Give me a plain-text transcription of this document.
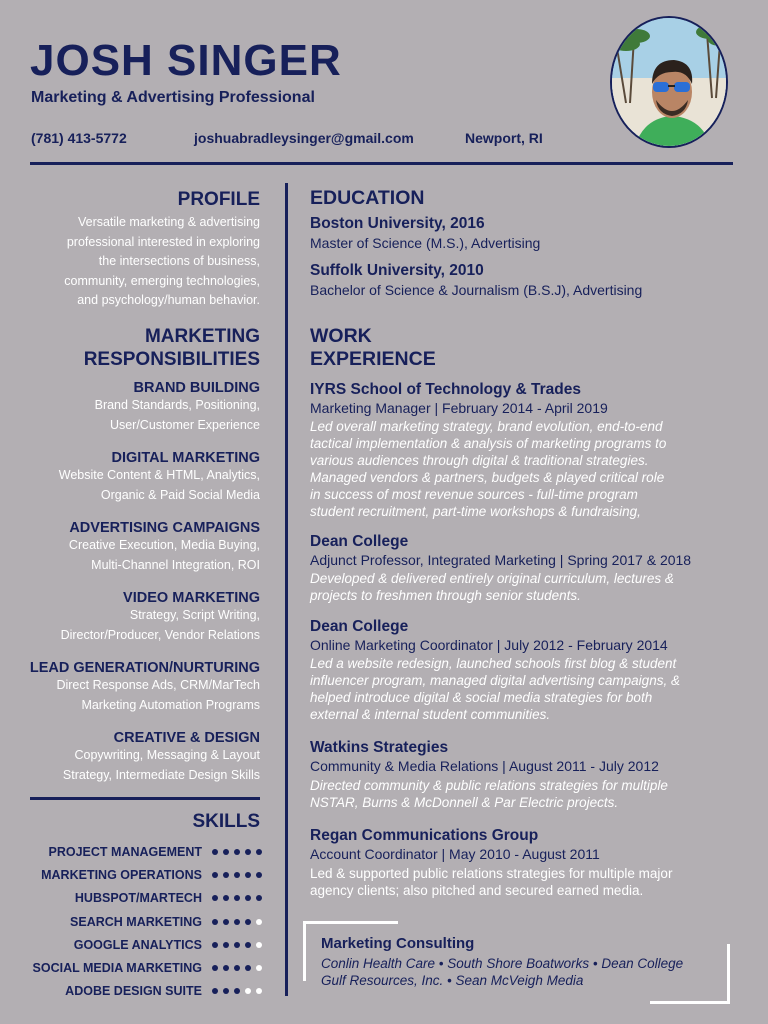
JOSH SINGER
Marketing & Advertising Professional
(781) 413-5772	joshuabradleysinger@gmail.com	Newport, RI
PROFILE
Versatile marketing & advertising
professional interested in exploring
the intersections of business,
community, emerging technologies,
and psychology/human behavior.
MARKETING
RESPONSIBILITIES
BRAND BUILDING
Brand Standards, Positioning,
User/Customer Experience
DIGITAL MARKETING
Website Content & HTML, Analytics,
Organic & Paid Social Media
ADVERTISING CAMPAIGNS
Creative Execution, Media Buying,
Multi-Channel Integration, ROI
VIDEO MARKETING
Strategy, Script Writing,
Director/Producer, Vendor Relations
LEAD GENERATION/NURTURING
Direct Response Ads, CRM/MarTech
Marketing Automation Programs
CREATIVE & DESIGN
Copywriting, Messaging & Layout
Strategy, Intermediate Design Skills
SKILLS
PROJECT MANAGEMENT
MARKETING OPERATIONS
HUBSPOT/MARTECH
SEARCH MARKETING
GOOGLE ANALYTICS
SOCIAL MEDIA MARKETING
ADOBE DESIGN SUITE
EDUCATION
Boston University, 2016
Master of Science (M.S.), Advertising
Suffolk University, 2010
Bachelor of Science & Journalism (B.S.J), Advertising
WORK
EXPERIENCE
IYRS School of Technology & Trades
Marketing Manager | February 2014 - April 2019
Led overall marketing strategy, brand evolution, end-to-end
tactical implementation & analysis of marketing programs to
various audiences through digital & traditional strategies.
Managed vendors & partners, budgets & played critical role
in success of most revenue sources - full-time program
student recruitment, part-time workshops & fundraising,
Dean College
Adjunct Professor, Integrated Marketing | Spring 2017 & 2018
Developed & delivered entirely original curriculum, lectures &
projects to freshmen through senior students.
Dean College
Online Marketing Coordinator | July 2012 - February 2014
Led a website redesign, launched schools first blog & student
influencer program, managed digital advertising campaigns, &
helped introduce digital & social media strategies for both
external & internal student communities.
Watkins Strategies
Community & Media Relations | August 2011 - July 2012
Directed community & public relations strategies for multiple
NSTAR, Burns & McDonnell & Par Electric projects.
Regan Communications Group
Account Coordinator | May 2010 - August 2011
Led & supported public relations strategies for multiple major
agency clients; also pitched and secured earned media.
Marketing Consulting
Conlin Health Care • South Shore Boatworks • Dean College
Gulf Resources, Inc. • Sean McVeigh Media
